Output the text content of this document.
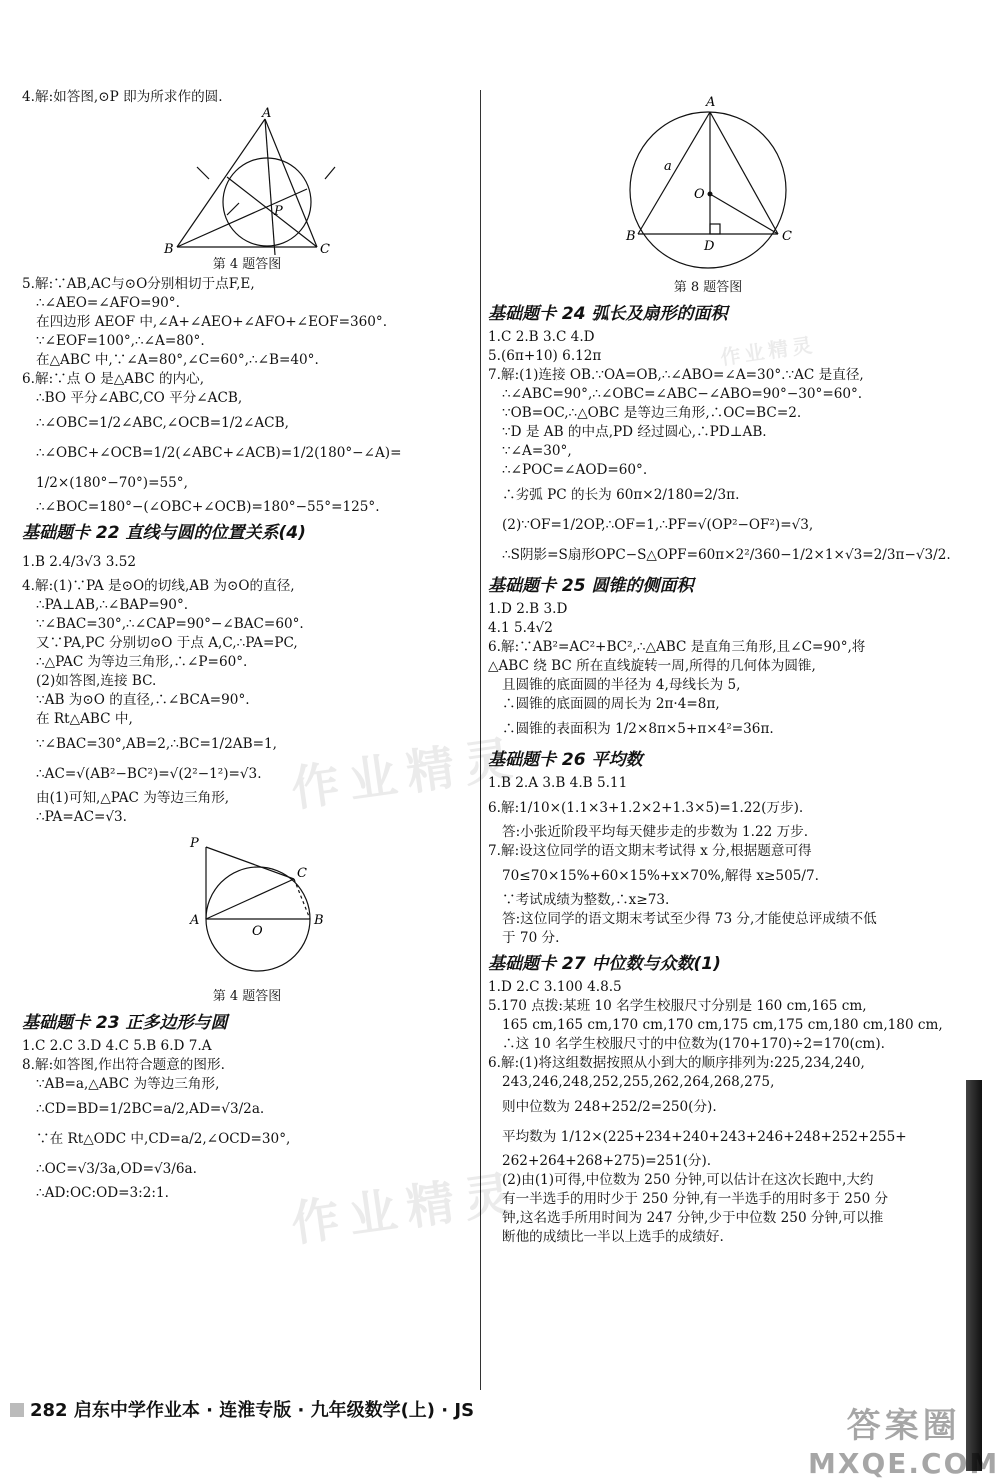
4.解:如答图,⊙P 即为所求作的圆.
A
B	C
P
第 4 题答图
5.解:∵AB,AC与⊙O分别相切于点F,E,
∴∠AEO=∠AFO=90°.
在四边形 AEOF 中,∠A+∠AEO+∠AFO+∠EOF=360°.
∵∠EOF=100°,∴∠A=80°.
在△ABC 中,∵∠A=80°,∠C=60°,∴∠B=40°.
6.解:∵点 O 是△ABC 的内心,
∴BO 平分∠ABC,CO 平分∠ACB,
∴∠OBC=1/2∠ABC,∠OCB=1/2∠ACB,
∴∠OBC+∠OCB=1/2(∠ABC+∠ACB)=1/2(180°−∠A)=
1/2×(180°−70°)=55°,
∴∠BOC=180°−(∠OBC+∠OCB)=180°−55°=125°.
基础题卡 22 直线与圆的位置关系(4)
1.B 2.4/3√3 3.52
4.解:(1)∵PA 是⊙O的切线,AB 为⊙O的直径,
∴PA⊥AB,∴∠BAP=90°.
∵∠BAC=30°,∴∠CAP=90°−∠BAC=60°.
又∵PA,PC 分别切⊙O 于点 A,C,∴PA=PC,
∴△PAC 为等边三角形,∴∠P=60°.
(2)如答图,连接 BC.
∵AB 为⊙O 的直径,∴∠BCA=90°.
在 Rt△ABC 中,
∵∠BAC=30°,AB=2,∴BC=1/2AB=1,
∴AC=√(AB²−BC²)=√(2²−1²)=√3.
由(1)可知,△PAC 为等边三角形,
∴PA=AC=√3.
P
C
A
O
B
第 4 题答图
基础题卡 23 正多边形与圆
1.C 2.C 3.D 4.C 5.B 6.D 7.A
8.解:如答图,作出符合题意的图形.
∵AB=a,△ABC 为等边三角形,
∴CD=BD=1/2BC=a/2,AD=√3/2a.
∵在 Rt△ODC 中,CD=a/2,∠OCD=30°,
∴OC=√3/3a,OD=√3/6a.
∴AD:OC:OD=3:2:1.
A
a
O
B
D
C
第 8 题答图
基础题卡 24 弧长及扇形的面积
1.C 2.B 3.C 4.D
5.(6π+10) 6.12π
7.解:(1)连接 OB.∵OA=OB,∴∠ABO=∠A=30°.∵AC 是直径,
∴∠ABC=90°,∴∠OBC=∠ABC−∠ABO=90°−30°=60°.
∵OB=OC,∴△OBC 是等边三角形,∴OC=BC=2.
∵D 是 AB 的中点,PD 经过圆心,∴PD⊥AB.
∵∠A=30°,
∴∠POC=∠AOD=60°.
∴劣弧 PC 的长为 60π×2/180=2/3π.
(2)∵OF=1/2OP,∴OF=1,∴PF=√(OP²−OF²)=√3,
∴S阴影=S扇形OPC−S△OPF=60π×2²/360−1/2×1×√3=2/3π−√3/2.
基础题卡 25 圆锥的侧面积
1.D 2.B 3.D
4.1 5.4√2
6.解:∵AB²=AC²+BC²,∴△ABC 是直角三角形,且∠C=90°,将
△ABC 绕 BC 所在直线旋转一周,所得的几何体为圆锥,
且圆锥的底面圆的半径为 4,母线长为 5,
∴圆锥的底面圆的周长为 2π·4=8π,
∴圆锥的表面积为 1/2×8π×5+π×4²=36π.
基础题卡 26 平均数
1.B 2.A 3.B 4.B 5.11
6.解:1/10×(1.1×3+1.2×2+1.3×5)=1.22(万步).
答:小张近阶段平均每天健步走的步数为 1.22 万步.
7.解:设这位同学的语文期末考试得 x 分,根据题意可得
70≤70×15%+60×15%+x×70%,解得 x≥505/7.
∵考试成绩为整数,∴x≥73.
答:这位同学的语文期末考试至少得 73 分,才能使总评成绩不低
于 70 分.
基础题卡 27 中位数与众数(1)
1.D 2.C 3.100 4.8.5
5.170 点拨:某班 10 名学生校服尺寸分别是 160 cm,165 cm,
165 cm,165 cm,170 cm,170 cm,175 cm,175 cm,180 cm,180 cm,
∴这 10 名学生校服尺寸的中位数为(170+170)÷2=170(cm).
6.解:(1)将这组数据按照从小到大的顺序排列为:225,234,240,
243,246,248,252,255,262,264,268,275,
则中位数为 248+252/2=250(分).
平均数为 1/12×(225+234+240+243+246+248+252+255+
262+264+268+275)=251(分).
(2)由(1)可得,中位数为 250 分钟,可以估计在这次长跑中,大约
有一半选手的用时少于 250 分钟,有一半选手的用时多于 250 分
钟,这名选手所用时间为 247 分钟,少于中位数 250 分钟,可以推
断他的成绩比一半以上选手的成绩好.
作业精灵
作业精灵
作业精灵
282 启东中学作业本 · 连淮专版 · 九年级数学(上) · JS	答案圈
MXQE.COM
